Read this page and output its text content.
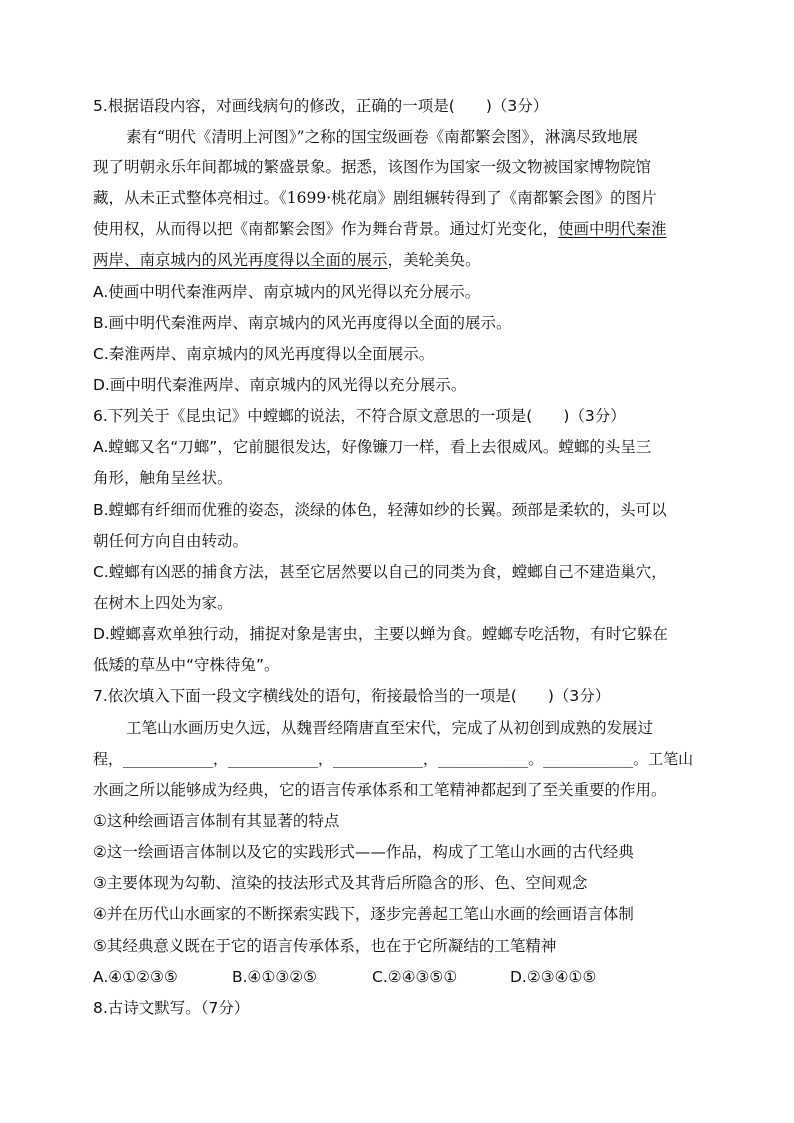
5.根据语段内容，对画线病句的修改，正确的一项是(　　)（3分）
素有“明代《清明上河图》”之称的国宝级画卷《南都繁会图》，淋漓尽致地展
现了明朝永乐年间都城的繁盛景象。据悉，该图作为国家一级文物被国家博物院馆
藏，从未正式整体亮相过。《1699·桃花扇》剧组辗转得到了《南都繁会图》的图片
使用权，从而得以把《南都繁会图》作为舞台背景。通过灯光变化，使画中明代秦淮
两岸、南京城内的风光再度得以全面的展示，美轮美奂。
A.使画中明代秦淮两岸、南京城内的风光得以充分展示。
B.画中明代秦淮两岸、南京城内的风光再度得以全面的展示。
C.秦淮两岸、南京城内的风光再度得以全面展示。
D.画中明代秦淮两岸、南京城内的风光得以充分展示。
6.下列关于《昆虫记》中螳螂的说法，不符合原文意思的一项是(　　)（3分）
A.螳螂又名“刀螂”，它前腿很发达，好像镰刀一样，看上去很威风。螳螂的头呈三
角形，触角呈丝状。
B.螳螂有纤细而优雅的姿态，淡绿的体色，轻薄如纱的长翼。颈部是柔软的，头可以
朝任何方向自由转动。
C.螳螂有凶恶的捕食方法，甚至它居然要以自己的同类为食，螳螂自己不建造巢穴，
在树木上四处为家。
D.螳螂喜欢单独行动，捕捉对象是害虫，主要以蝉为食。螳螂专吃活物，有时它躲在
低矮的草丛中“守株待兔”。
7.依次填入下面一段文字横线处的语句，衔接最恰当的一项是(　　)（3分）
工笔山水画历史久远，从魏晋经隋唐直至宋代，完成了从初创到成熟的发展过
程，____________，____________，____________，____________。____________。工笔山
水画之所以能够成为经典，它的语言传承体系和工笔精神都起到了至关重要的作用。
①这种绘画语言体制有其显著的特点
②这一绘画语言体制以及它的实践形式——作品，构成了工笔山水画的古代经典
③主要体现为勾勒、渲染的技法形式及其背后所隐含的形、色、空间观念
④并在历代山水画家的不断探索实践下，逐步完善起工笔山水画的绘画语言体制
⑤其经典意义既在于它的语言传承体系，也在于它所凝结的工笔精神
A.④①②③⑤	B.④①③②⑤	C.②④③⑤①	D.②③④①⑤
8.古诗文默写。（7分）
